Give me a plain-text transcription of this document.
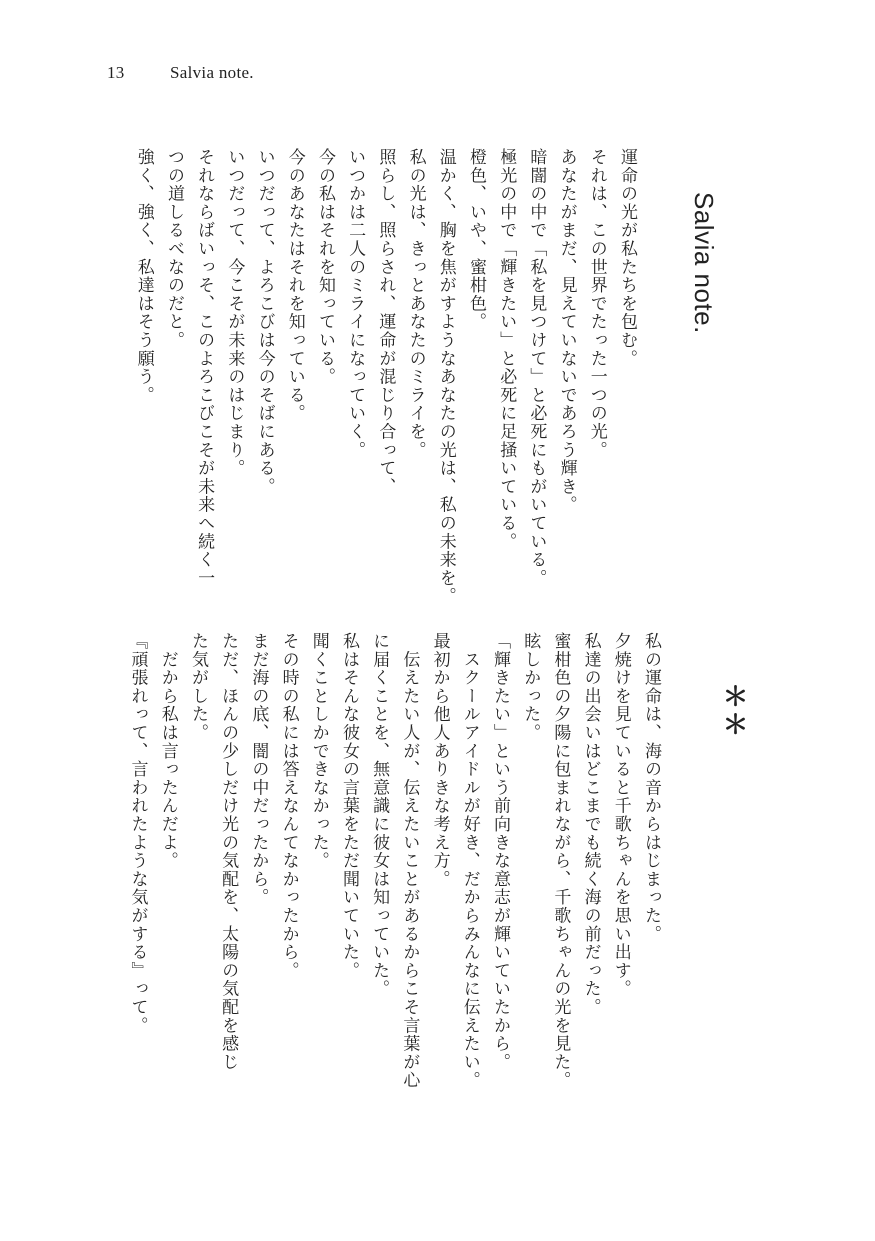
13	Salvia note.
Salvia note.
運命の光が私たちを包む。
それは、この世界でたった一つの光。
あなたがまだ、見えていないであろう輝き。
暗闇の中で「私を見つけて」と必死にもがいている。
極光の中で「輝きたい」と必死に足掻いている。
橙色、いや、蜜柑色。
温かく、胸を焦がすようなあなたの光は、私の未来を。
私の光は、きっとあなたのミライを。
照らし、照らされ、運命が混じり合って、
いつかは二人のミライになっていく。
今の私はそれを知っている。
今のあなたはそれを知っている。
いつだって、よろこびは今のそばにある。
いつだって、今こそが未来のはじまり。
それならばいっそ、このよろこびこそが未来へ続く一
つの道しるべなのだと。
強く、強く、私達はそう願う。
＊＊
私の運命は、海の音からはじまった。
夕焼けを見ていると千歌ちゃんを思い出す。
私達の出会いはどこまでも続く海の前だった。
蜜柑色の夕陽に包まれながら、千歌ちゃんの光を見た。
眩しかった。
「輝きたい」という前向きな意志が輝いていたから。
　スクールアイドルが好き、だからみんなに伝えたい。
最初から他人ありきな考え方。
　伝えたい人が、伝えたいことがあるからこそ言葉が心
に届くことを、無意識に彼女は知っていた。
私はそんな彼女の言葉をただ聞いていた。
聞くことしかできなかった。
その時の私には答えなんてなかったから。
まだ海の底、闇の中だったから。
ただ、ほんの少しだけ光の気配を、太陽の気配を感じ
た気がした。
　だから私は言ったんだよ。
『頑張れって、言われたような気がする』って。
